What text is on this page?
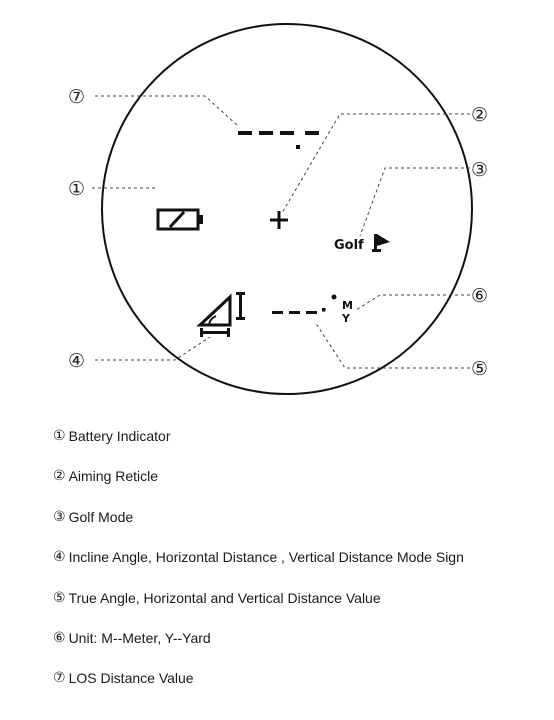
⑦
②
①
③
⑥
④	⑤
Golf
M
Y
① Battery Indicator
② Aiming Reticle
③ Golf Mode
④ Incline Angle, Horizontal Distance , Vertical Distance Mode Sign
⑤ True Angle, Horizontal and Vertical Distance Value
⑥ Unit: M--Meter, Y--Yard
⑦ LOS Distance Value
